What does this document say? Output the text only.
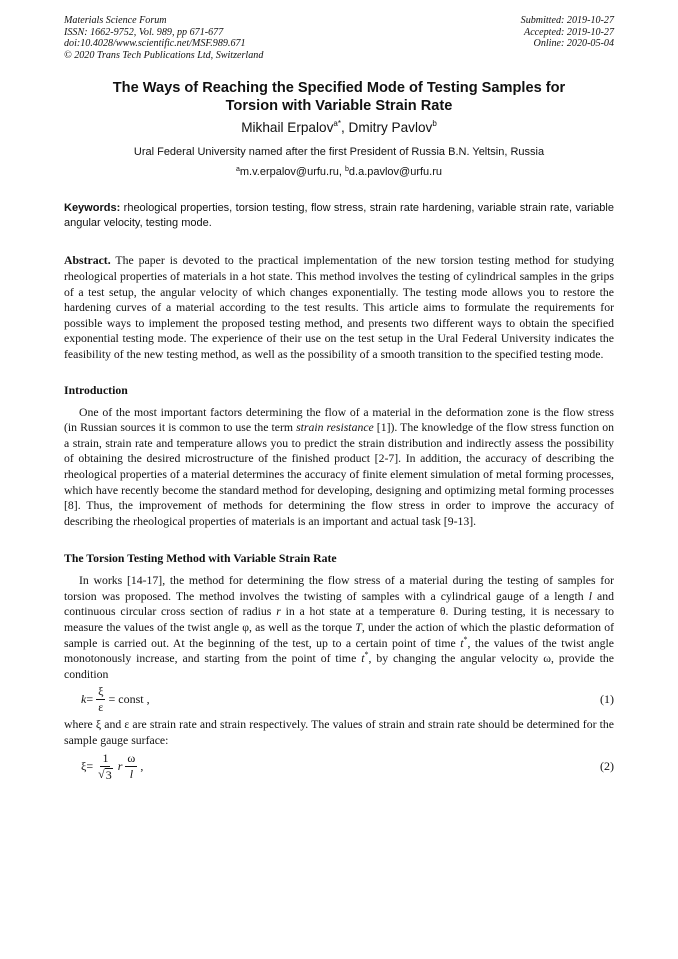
Materials Science Forum
ISSN: 1662-9752, Vol. 989, pp 671-677
doi:10.4028/www.scientific.net/MSF.989.671
© 2020 Trans Tech Publications Ltd, Switzerland
Submitted: 2019-10-27
Accepted: 2019-10-27
Online: 2020-05-04
The Ways of Reaching the Specified Mode of Testing Samples for
Torsion with Variable Strain Rate
Mikhail Erpalov$^{a*}$, Dmitry Pavlov$^b$
Ural Federal University named after the first President of Russia B.N. Yeltsin, Russia
$^a$m.v.erpalov@urfu.ru, $^b$d.a.pavlov@urfu.ru
Keywords: rheological properties, torsion testing, flow stress, strain rate hardening, variable strain rate, variable angular velocity, testing mode.
Abstract. The paper is devoted to the practical implementation of the new torsion testing method for studying rheological properties of materials in a hot state. This method involves the testing of cylindrical samples in the grips of a test setup, the angular velocity of which changes exponentially. The testing mode allows you to restore the hardening curves of a material according to the test results. This article aims to formulate the requirements for possible ways to implement the proposed testing method, and presents two different ways to obtain the specified exponential testing mode. The experience of their use on the test setup in the Ural Federal University indicates the feasibility of the new testing method, as well as the possibility of a smooth transition to the specified testing mode.
Introduction
One of the most important factors determining the flow of a material in the deformation zone is the flow stress (in Russian sources it is common to use the term strain resistance [1]). The knowledge of the flow stress function on a strain, strain rate and temperature allows you to predict the strain distribution and indirectly assess the possibility of obtaining the desired microstructure of the finished product [2-7]. In addition, the accuracy of describing the rheological properties of a material determines the accuracy of finite element simulation of metal forming processes, which have recently become the standard method for developing, designing and optimizing metal forming processes [8]. Thus, the improvement of methods for determining the flow stress in order to improve the accuracy of describing the rheological properties of materials is an important and actual task [9-13].
The Torsion Testing Method with Variable Strain Rate
In works [14-17], the method for determining the flow stress of a material during the testing of samples for torsion was proposed. The method involves the twisting of samples with a cylindrical gauge of a length l and continuous circular cross section of radius r in a hot state at a temperature θ. During testing, it is necessary to measure the values of the twist angle φ, as well as the torque T, under the action of which the plastic deformation of sample is carried out. At the beginning of the test, up to a certain point of time t*, the values of the twist angle monotonously increase, and starting from the point of time t*, by changing the angular velocity ω, provide the condition
$k = \frac{\xi}{\varepsilon}$ = const ,	(1)
where ξ and ε are strain rate and strain respectively. The values of strain and strain rate should be determined for the sample gauge surface:
$\xi = \frac{1}{√ 3}$ r $\frac{\omega}{l}$ ,	(2)
